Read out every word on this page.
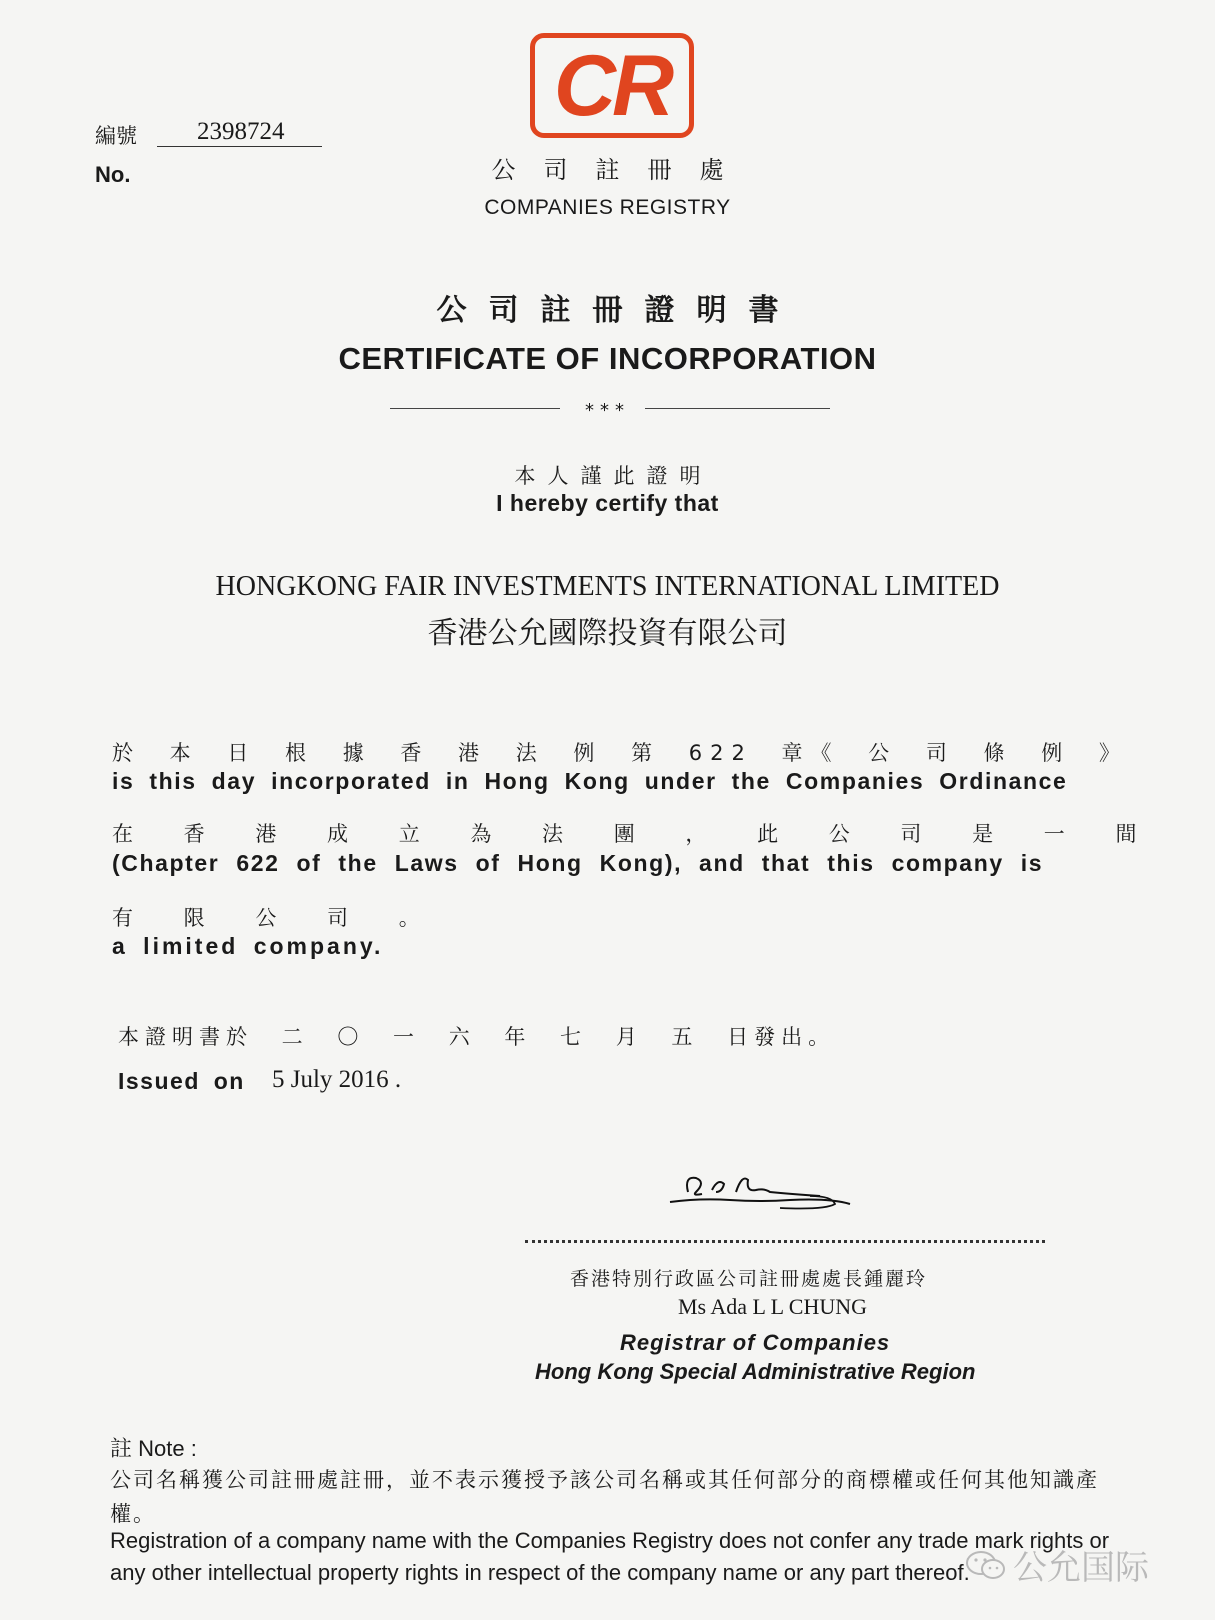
CR
編號	2398724
No.	公司註冊處
COMPANIES REGISTRY
公司註冊證明書
CERTIFICATE OF INCORPORATION
***
本人謹此證明
I hereby certify that
HONGKONG FAIR INVESTMENTS INTERNATIONAL LIMITED
香港公允國際投資有限公司
於 本 日 根 據 香 港 法 例 第 622 章《 公 司 條 例 》
is this day incorporated in Hong Kong under the Companies Ordinance
在 香 港 成 立 為 法 團 ， 此 公 司 是 一 間
(Chapter 622 of the Laws of Hong Kong), and that this company is
有 限 公 司 。
a limited company.
本證明書於 二 〇 一 六 年 七 月 五 日發出。
Issued on 5 July 2016 .
香港特別行政區公司註冊處處長鍾麗玲
Ms Ada L L CHUNG
Registrar of Companies
Hong Kong Special Administrative Region
註 Note :
公司名稱獲公司註冊處註冊，並不表示獲授予該公司名稱或其任何部分的商標權或任何其他知識產權。
Registration of a company name with the Companies Registry does not confer any trade mark rights or any other intellectual property rights in respect of the company name or any part thereof.	公允国际
